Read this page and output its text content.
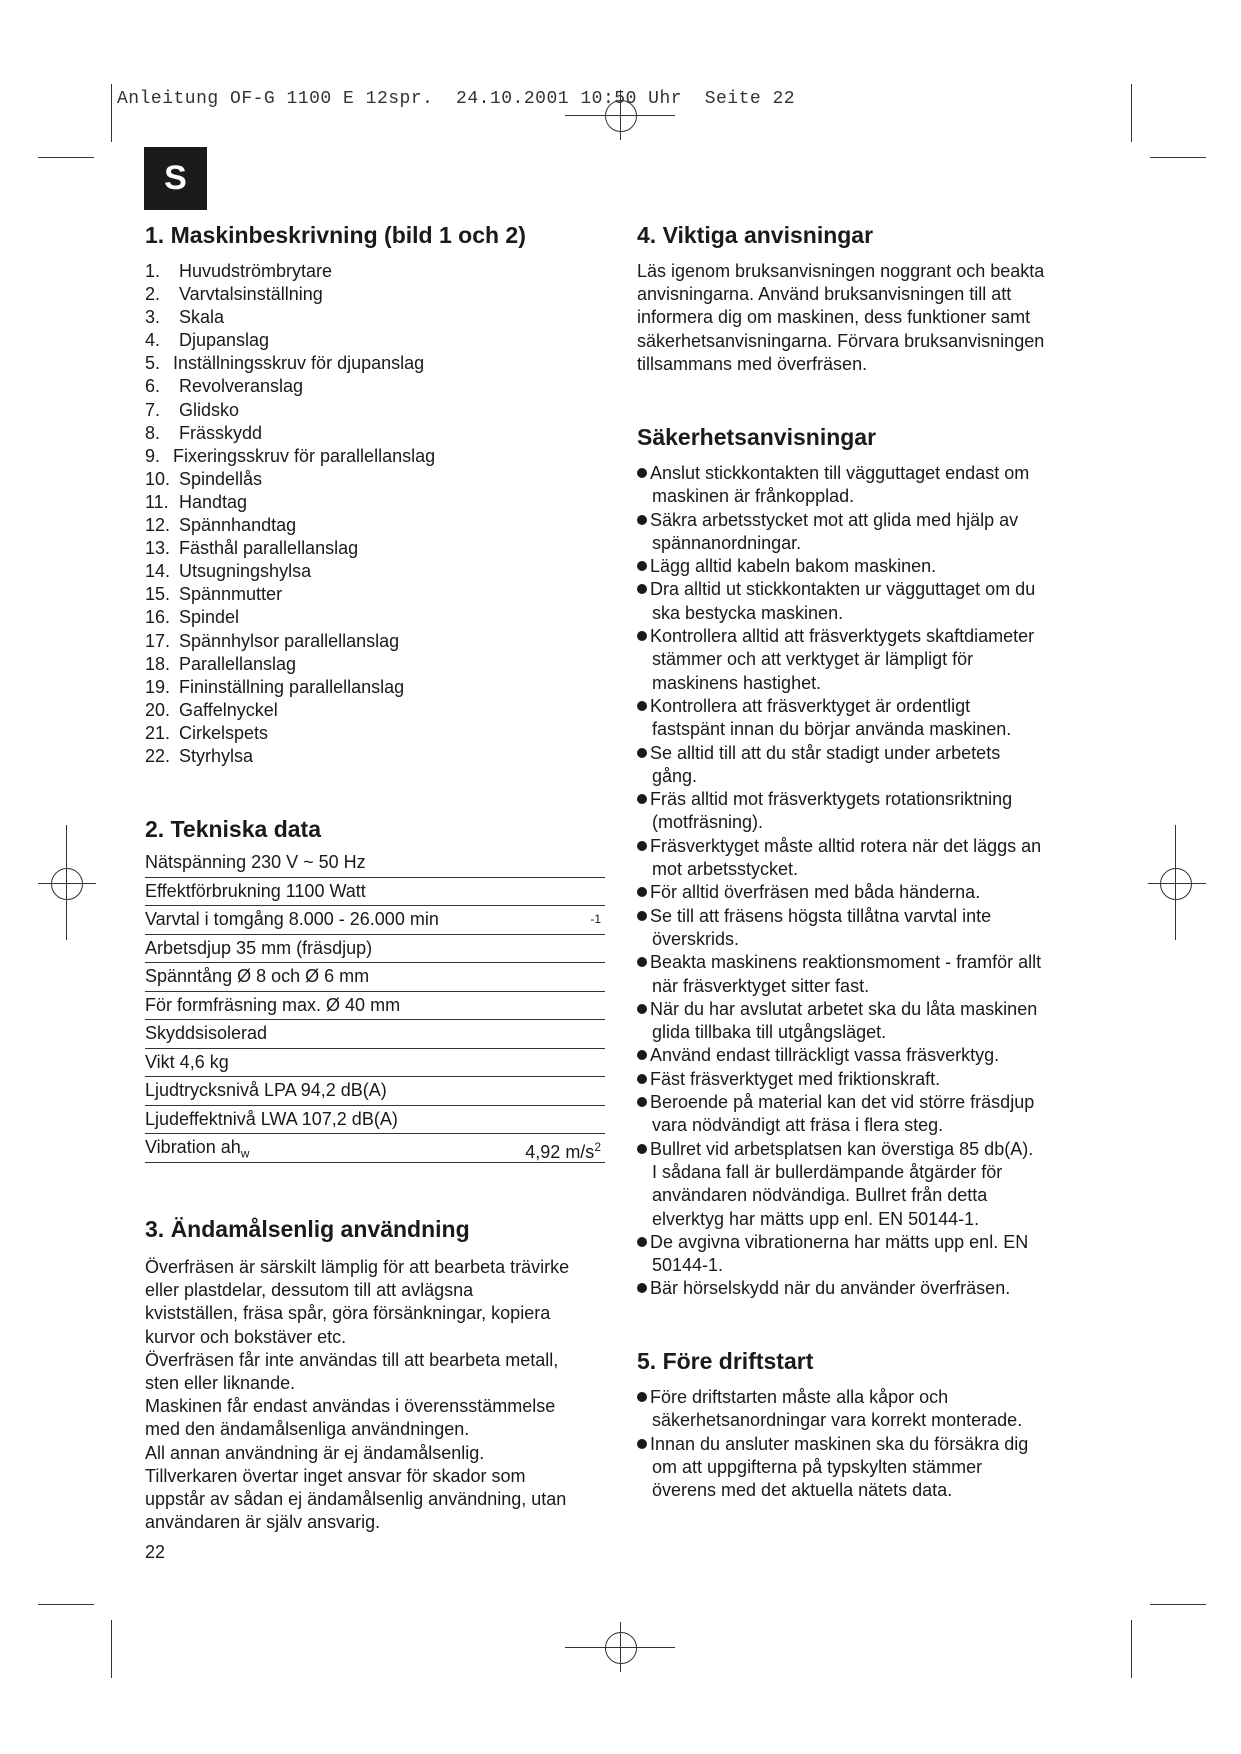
Anleitung OF-G 1100 E 12spr.  24.10.2001 10:50 Uhr  Seite 22
S
1. Maskinbeskrivning (bild 1 och 2)
1. Huvudströmbrytare
2. Varvtalsinställning
3. Skala
4. Djupanslag
5. Inställningsskruv för djupanslag
6. Revolveranslag
7. Glidsko
8. Frässkydd
9. Fixeringsskruv för parallellanslag
10. Spindellås
11. Handtag
12. Spännhandtag
13. Fästhål parallellanslag
14. Utsugningshylsa
15. Spännmutter
16. Spindel
17. Spännhylsor parallellanslag
18. Parallellanslag
19. Fininställning parallellanslag
20. Gaffelnyckel
21. Cirkelspets
22. Styrhylsa
2. Tekniska data
Nätspänning 230 V ~ 50 Hz
Effektförbrukning 1100 Watt
Varvtal i tomgång 8.000 - 26.000 min	$^{-1}$
Arbetsdjup 35 mm (fräsdjup)
Spänntång Ø 8 och Ø 6 mm
För formfräsning max. Ø 40 mm
Skyddsisolerad
Vikt 4,6 kg
Ljudtrycksnivå LPA 94,2 dB(A)
Ljudeffektnivå LWA 107,2 dB(A)
Vibration $ah_w$	4,92 $m/s^2$
3. Ändamålsenlig användning
Överfräsen är särskilt lämplig för att bearbeta trävirke
eller plastdelar, dessutom till att avlägsna
kvistställen, fräsa spår, göra försänkningar, kopiera
kurvor och bokstäver etc.
Överfräsen får inte användas till att bearbeta metall,
sten eller liknande.
Maskinen får endast användas i överensstämmelse
med den ändamålsenliga användningen.
All annan användning är ej ändamålsenlig.
Tillverkaren övertar inget ansvar för skador som
uppstår av sådan ej ändamålsenlig användning, utan
användaren är själv ansvarig.
22
4. Viktiga anvisningar
Läs igenom bruksanvisningen noggrant och beakta
anvisningarna. Använd bruksanvisningen till att
informera dig om maskinen, dess funktioner samt
säkerhetsanvisningarna. Förvara bruksanvisningen
tillsammans med överfräsen.
Säkerhetsanvisningar
Anslut stickkontakten till vägguttaget endast om
maskinen är frånkopplad.
Säkra arbetsstycket mot att glida med hjälp av
spännanordningar.
Lägg alltid kabeln bakom maskinen.
Dra alltid ut stickkontakten ur vägguttaget om du
ska bestycka maskinen.
Kontrollera alltid att fräsverktygets skaftdiameter
stämmer och att verktyget är lämpligt för
maskinens hastighet.
Kontrollera att fräsverktyget är ordentligt
fastspänt innan du börjar använda maskinen.
Se alltid till att du står stadigt under arbetets
gång.
Fräs alltid mot fräsverktygets rotationsriktning
(motfräsning).
Fräsverktyget måste alltid rotera när det läggs an
mot arbetsstycket.
För alltid överfräsen med båda händerna.
Se till att fräsens högsta tillåtna varvtal inte
överskrids.
Beakta maskinens reaktionsmoment - framför allt
när fräsverktyget sitter fast.
När du har avslutat arbetet ska du låta maskinen
glida tillbaka till utgångsläget.
Använd endast tillräckligt vassa fräsverktyg.
Fäst fräsverktyget med friktionskraft.
Beroende på material kan det vid större fräsdjup
vara nödvändigt att fräsa i flera steg.
Bullret vid arbetsplatsen kan överstiga 85 db(A).
I sådana fall är bullerdämpande åtgärder för
användaren nödvändiga. Bullret från detta
elverktyg har mätts upp enl. EN 50144-1.
De avgivna vibrationerna har mätts upp enl. EN
50144-1.
Bär hörselskydd när du använder överfräsen.
5. Före driftstart
Före driftstarten måste alla kåpor och
säkerhetsanordningar vara korrekt monterade.
Innan du ansluter maskinen ska du försäkra dig
om att uppgifterna på typskylten stämmer
överens med det aktuella nätets data.
